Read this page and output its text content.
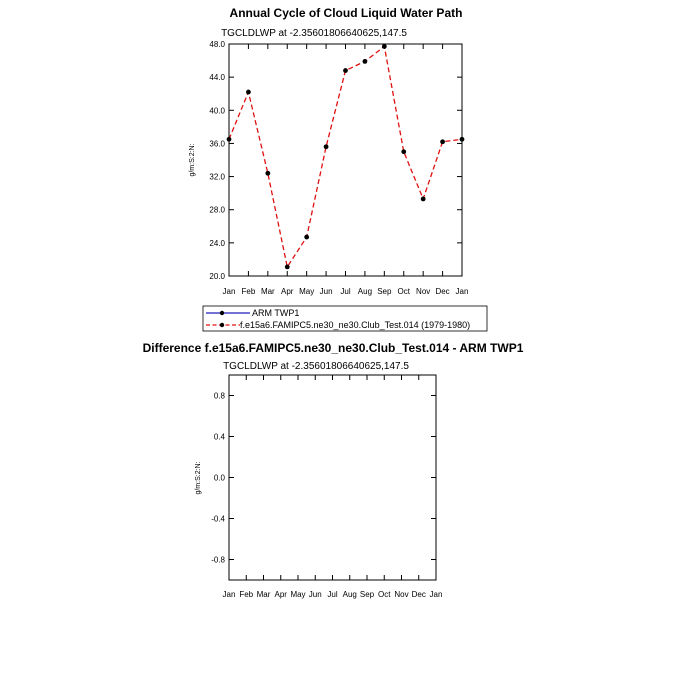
Annual Cycle of Cloud Liquid Water Path
TGCLDLWP at -2.35601806640625,147.5
g/m:S:2:N:
20.0
24.0
28.0
32.0
36.0
40.0
44.0
48.0
Jan Feb Mar Apr May Jun Jul Aug Sep Oct Nov Dec Jan
ARM TWP1
f.e15a6.FAMIPC5.ne30_ne30.Club_Test.014 (1979-1980)
Difference f.e15a6.FAMIPC5.ne30_ne30.Club_Test.014 - ARM TWP1
TGCLDLWP at -2.35601806640625,147.5
g/m:S:2:N:
-0.8
-0.4
0.0
0.4
0.8
Jan Feb Mar Apr May Jun Jul Aug Sep Oct Nov Dec Jan
